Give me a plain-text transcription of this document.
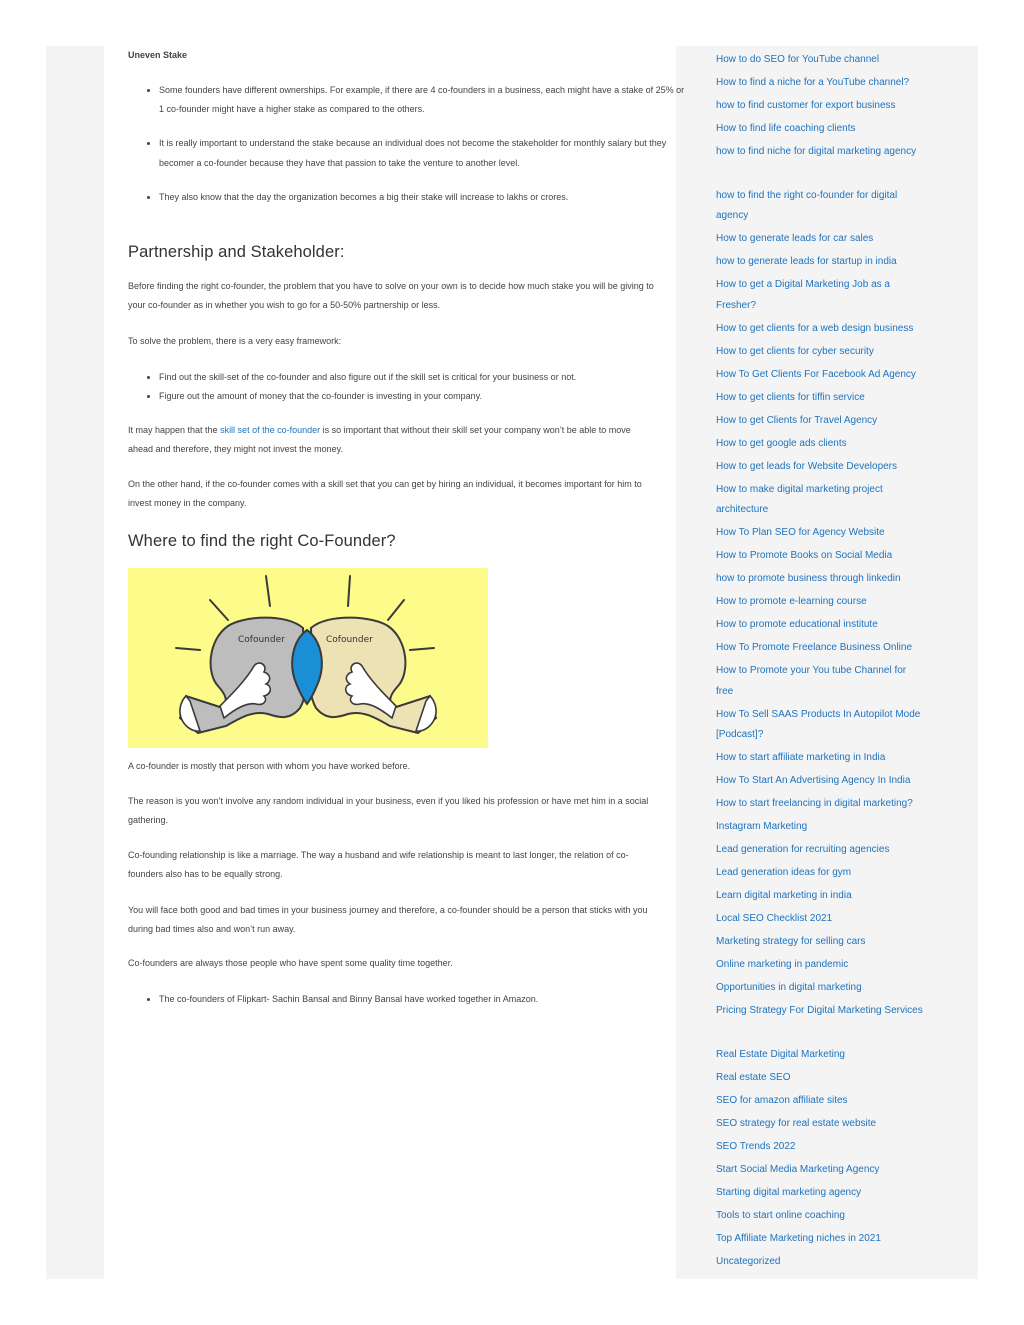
How to do SEO for YouTube channel
How to find a niche for a YouTube channel?
how to find customer for export business
How to find life coaching clients
how to find niche for digital marketing agency
how to find the right co-founder for digital agency
How to generate leads for car sales
how to generate leads for startup in india
How to get a Digital Marketing Job as a Fresher?
How to get clients for a web design business
How to get clients for cyber security
How To Get Clients For Facebook Ad Agency
How to get clients for tiffin service
How to get Clients for Travel Agency
How to get google ads clients
How to get leads for Website Developers
How to make digital marketing project architecture
How To Plan SEO for Agency Website
How to Promote Books on Social Media
how to promote business through linkedin
How to promote e-learning course
How to promote educational institute
How To Promote Freelance Business Online
How to Promote your You tube Channel for free
How To Sell SAAS Products In Autopilot Mode [Podcast]?
How to start affiliate marketing in India
How To Start An Advertising Agency In India
How to start freelancing in digital marketing?
Instagram Marketing
Lead generation for recruiting agencies
Lead generation ideas for gym
Learn digital marketing in india
Local SEO Checklist 2021
Marketing strategy for selling cars
Online marketing in pandemic
Opportunities in digital marketing
Pricing Strategy For Digital Marketing Services
Real Estate Digital Marketing
Real estate SEO
SEO for amazon affiliate sites
SEO strategy for real estate website
SEO Trends 2022
Start Social Media Marketing Agency
Starting digital marketing agency
Tools to start online coaching
Top Affiliate Marketing niches in 2021
Uncategorized

Uneven Stake

• Some founders have different ownerships. For example, if there are 4 co-founders in a business, each might have a stake of 25% or 1 co-founder might have a higher stake as compared to the others.
• It is really important to understand the stake because an individual does not become the stakeholder for monthly salary but they becomer a co-founder because they have that passion to take the venture to another level.
• They also know that the day the organization becomes a big their stake will increase to lakhs or crores.
Partnership and Stakeholder:

Before finding the right co-founder, the problem that you have to solve on your own is to decide how much stake you will be giving to your co-founder as in whether you wish to go for a 50-50% partnership or less.

To solve the problem, there is a very easy framework:

• Find out the skill-set of the co-founder and also figure out if the skill set is critical for your business or not.
• Figure out the amount of money that the co-founder is investing in your company.

It may happen that the skill set of the co-founder is so important that without their skill set your company won’t be able to move ahead and therefore, they might not invest the money.

On the other hand, if the co-founder comes with a skill set that you can get by hiring an individual, it becomes important for him to invest money in the company.

Where to find the right Co-Founder?
Cofounder	Cofounder

A co-founder is mostly that person with whom you have worked before.

The reason is you won’t involve any random individual in your business, even if you liked his profession or have met him in a social gathering.

Co-founding relationship is like a marriage. The way a husband and wife relationship is meant to last longer, the relation of co-founders also has to be equally strong.

You will face both good and bad times in your business journey and therefore, a co-founder should be a person that sticks with you during bad times also and won’t run away.

Co-founders are always those people who have spent some quality time together.

• The co-founders of Flipkart- Sachin Bansal and Binny Bansal have worked together in Amazon.
